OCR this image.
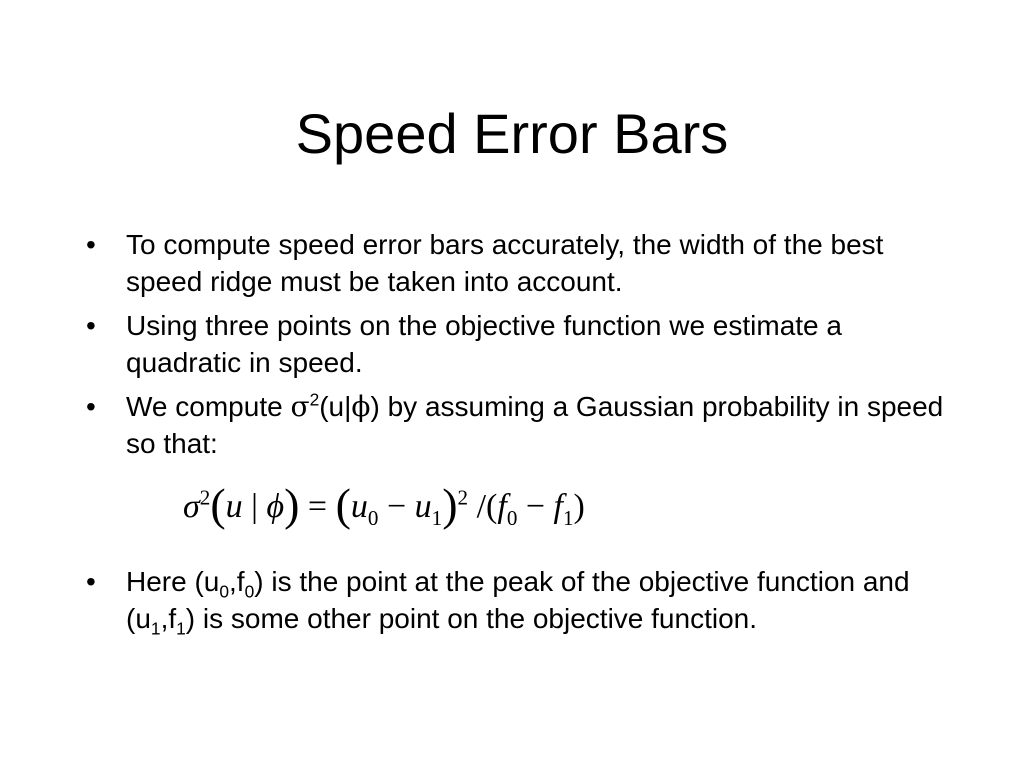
Speed Error Bars
•	To compute speed error bars accurately, the width of the best speed ridge must be taken into account.
•	Using three points on the objective function we estimate a quadratic in speed.
•	We compute $\sigma^2(u|\phi)$ by assuming a Gaussian probability in speed so that:
$\sigma^2(u$ | $\phi) = (u_0 - u_1)^2$ $/(f_0 - f_1)$
•	Here $(u_0,f_0)$ is the point at the peak of the objective function and $(u_1,f_1)$ is some other point on the objective function.
